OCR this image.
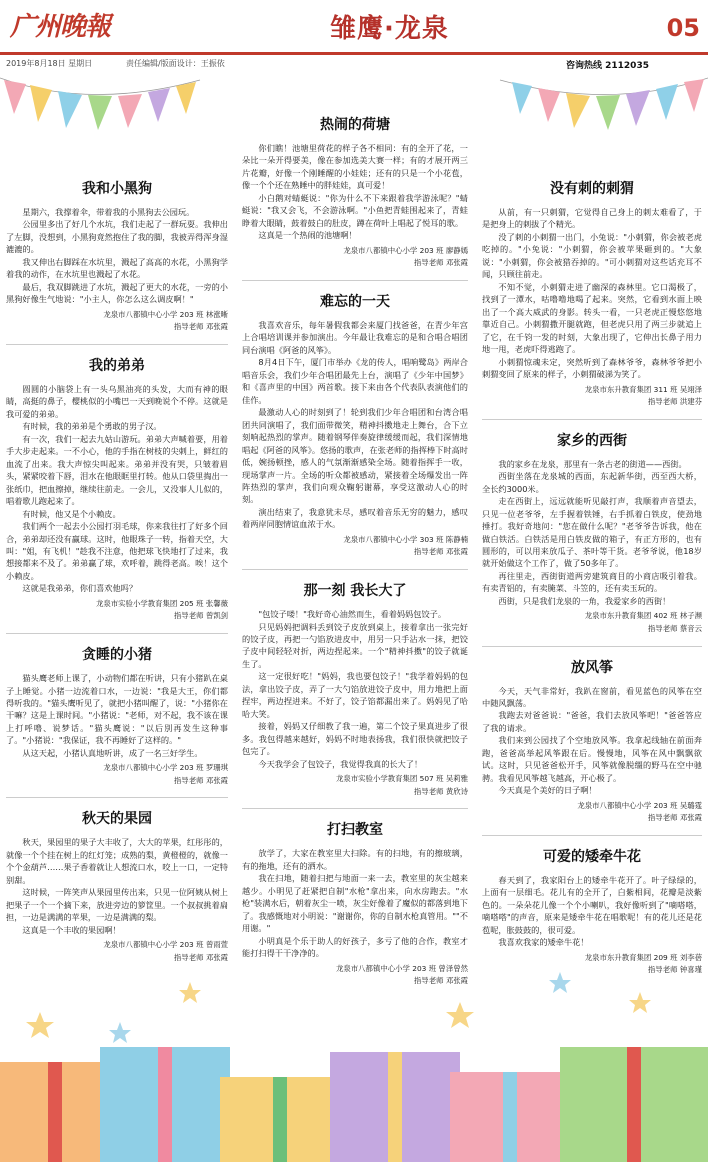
广州晚報	雏鹰·龙泉	05
2019年8月18日 星期日	责任编辑/版面设计：王振依	咨询热线 2112035
我和小黑狗

星期六，我撑着伞，带着我的小黑狗去公园玩。

公园里多出了好几个水坑，我们走起了一群玩耍。我伸出了左脚，没想到，小黑狗竟然抱住了我的脚，我被弄得浑身湿漉漉的。

我又伸出右脚踩在水坑里，溅起了高高的水花，小黑狗学着我的动作，在水坑里也溅起了水花。

最后，我双脚跳进了水坑，溅起了更大的水花，一旁的小黑狗好像生气地说："小主人，你怎么这么调皮啊！"

龙泉市八都镇中心小学 203 班 林涨晰
指导老师 邓张霞
我的弟弟

圆圆的小脑袋上有一头乌黑油亮的头发，大而有神的眼睛，高挺的鼻子，樱桃似的小嘴巴一天到晚说个不停。这就是我可爱的弟弟。

有时候，我的弟弟是个勇敢的男子汉。

有一次，我们一起去九姑山游玩。弟弟大声喊着要，用着手大步走起来。一不小心，他的手指在树枝的尖刺上，鲜红的血流了出来。我大声惊尖叫起来。弟弟并没有哭，只皱着眉头，紧紧咬着下唇，泪水在他眼眶里打转。他从口袋里掏出一张纸巾，把血擦掉，继续往前走。一会儿，又没事人儿似的，唱着歌儿跑起来了。

有时候，他又是个小赖皮。

我们两个一起去小公园打羽毛球，你来我往打了好多个回合，弟弟却还没有赢球。这时，他眼珠子一转，指着天空，大叫："姐，有飞机！"趁我不注意，他把球飞快地打了过来，我想接都来不及了。弟弟赢了球，欢呼着，跳得老高。唉！这个小赖皮。

这就是我弟弟，你们喜欢他吗？

龙泉市实验小学教育集团 205 班 张馨薇
指导老师 曾凯剑
贪睡的小猪

猫头鹰老师上课了，小动物们都在听讲，只有小猪趴在桌子上睡觉。小猪一边流着口水，一边说："我是大王，你们都得听我的。"猫头鹰听见了，就把小猪叫醒了，说："小猪你在干嘛？这是上课时间。"小猪说："老师，对不起，我不该在课上打呼噜、说梦话。"猫头鹰说："以后別再发生这种事了。"小猪说："我保证，我不再睡好了这样的。"

从这天起，小猪认真地听讲，成了一名三好学生。

龙泉市八都镇中心小学 203 班 罗珊琪
指导老师 邓张霞
秋天的果园

秋天，果园里的果子大丰收了，大大的苹果，红彤彤的，就像一个个挂在树上的红灯笼；成熟的梨，黄橙橙的，就像一个个金葫芦……果子香着就让人想流口水，咬上一口，一定特别甜。

这时候，一阵笑声从果园里传出来，只见一位阿姨从树上把果子一个一个摘下来，放进旁边的箩筐里。一个叔叔挑着扁担，一边是满满的苹果，一边是满满的梨。

这真是一个丰收的果园啊！

龙泉市八都镇中心小学 203 班 曾雨萱
指导老师 邓张霞
热闹的荷塘

你们瞧！池塘里荷花的样子各不相同：有的全开了花，一朵比一朵开得要美，像在参加选美大赛一样；有的才展开两三片花瓣，好像一个刚睡醒的小娃娃；还有的只是一个小花苞，像一个个还在熟睡中的胖娃娃，真可爱！

小白鹅对蜻蜓说："你为什么不下来跟着我学游泳呢？"蜻蜓说："我又会飞，不会游泳啊。"小鱼把青蛙围起来了，青蛙睁着大眼睛，鼓着鼓白的肚皮，蹲在荷叶上唱起了悦耳的歌。

这真是一个热闹的池塘啊！

龙泉市八都镇中心小学 203 班 廖静嫣
指导老师 邓张霞
难忘的一天

我喜欢音乐，每年暑假我都会来厦门找爸爸，在青少年宫上合唱培训课并参加演出。今年最让我难忘的是和合唱合唱团同台演唱《阿爸的风筝》。

8月4日下午，厦门市举办《龙的传人，唱响鹭岛》两岸合唱音乐会，我们少年合唱团最先上台，演唱了《少年中国梦》和《喜声里的中国》两首歌。接下来由各个代表队表演他们的佳作。

最激动人心的时刻到了！轮到我们少年合唱团和台湾合唱团共同演唱了，我们面带微笑，精神抖擞地走上舞台，合下立刻响起热烈的掌声。随着钢琴伴奏旋律缓缓而起，我们深情地唱起《阿爸的风筝》。悠扬的歌声，在张老师的指挥棒下时高时低，婉扬顿挫，感人的气氛渐渐感染全场。随着指挥手一收，现场掌声一片。全场的听众都被感动，紧接着全场爆发出一阵阵热烈的掌声，我们向观众鞠躬谢幕，享受这激动人心的时刻。

演出结束了，我意犹未尽，感叹着音乐无穷的魅力，感叹着两岸同胞情谊血浓于水。

龙泉市八都镇中心小学 303 班 陈静楠
指导老师 邓张霞
那一刻 我长大了

"包饺子喽！"我好奇心油然而生，看着妈妈包饺子。

只见妈妈把调料丢到饺子皮放到桌上，接着拿出一张完好的饺子皮，再把一勺馅放进皮中，用另一只手沾水一抹，把饺子皮中间轻轻对折，两边捏起来。一个"精神抖擞"的饺子就诞生了。

这一定很好吃！"妈妈，我也要包饺子！"我学着妈妈的包法，拿出饺子皮，弄了一大勺馅放进饺子皮中，用力地把上面捏牢，两边捏进来。不好了，饺子馅都漏出来了。妈妈见了哈哈大笑。

接着，妈妈又仔细教了我一遍，第二个饺子果真进步了很多。我包得越来越好，妈妈不时地表扬我，我们很快就把饺子包完了。

今天我学会了包饺子，我觉得我真的长大了！

龙泉市实验小学教育集团 507 班 吴莉雅
指导老师 黄欣诗
打扫教室

放学了，大家在教室里大扫除。有的扫地，有的擦玻璃，有的拖地，还有的洒水。

我在扫地，随着扫把与地面一来一去，教室里的灰尘越来越少。小明见了赶紧把自制"水枪"拿出来，向水房跑去。"水枪"装满水后，朝着灰尘一喷，灰尘好像着了魔似的都落到地下了。我感慨地对小明说："谢谢你，你的自制水枪真管用。""不用谢。"

小明真是个乐于助人的好孩子，多亏了他的合作，教室才能打扫得干干净净的。

龙泉市八都镇中心小学 203 班 曾泽曾然
指导老师 邓张霞
没有刺的刺猬

从前，有一只刺猬，它觉得自己身上的刺太难看了，于是把身上的刺拔了个精光。

没了刺的小刺猬一出门，小兔说："小刺猬，你会被老虎吃掉的。"小兔说："小刺猬，你会被苹果砸到的。"大象说："小刺猬，你会被猎吞掉的。"可小刺猬对这些话充耳不闻，只顾往前走。

不知不觉，小刺猬走进了幽深的森林里。它口渴极了，找到了一潭水，咕噜噜地喝了起来。突然，它看到水面上映出了一个高大威武的身影。转头一看，一只老虎正慢悠悠地靠近自己。小刺猬撒开腿就跑，但老虎只用了两三步就追上了它，在千钧一发的时刻，大象出现了，它伸出长鼻子用力地一甩，老虎吓得逃跑了。

小刺猬惊魂未定，突然听到了森林爷爷，森林爷爷把小刺猬变回了原来的样子，小刺猬破涕为笑了。

龙泉市东升教育集团 311 班 吴翊泽
指导老师 洪建芬
家乡的西街

我的家乡在龙泉，那里有一条古老的街道——西街。

西街坐落在龙泉城的西面，东起新华街，西至西大桥，全长约3000米。

走在西街上，远远就能听见敲打声，我顺着声音望去，只见一位老爷爷，左手握着铁锤，右手抓着白铁皮，使劲地捶打。我好奇地问："您在做什么呢？"老爷爷告诉我，他在做白铁活。白铁活是用白铁皮做的箱子，有正方形的，也有圆形的，可以用来放瓜子、茶叶等干货。老爷爷说，他18岁就开始做这个工作了，做了50多年了。

再往里走，西街街道两旁建筑商目的小商店吸引着我。有卖青铝的，有卖腌菜、斗笠的，还有卖玉玩的。

西街，只是我们龙泉的一角，我爱家乡的西街！

龙泉市东升教育集团 402 班 林子濒
指导老师 蔡音云
放风筝

今天，天气非常好，我趴在窗前，看见蓝色的风筝在空中随风飘荡。

我跑去对爸爸说："爸爸，我们去放风筝吧！"爸爸答应了我的请求。

我们来到公园找了个空地放风筝。我拿起线轴在前面奔跑，爸爸高举起风筝跟在后。慢慢地，风筝在风中飘飘欲试。这时，只见爸爸松开手，风筝就像脱缰的野马在空中驰骋。我看见风筝越飞越高，开心极了。

今天真是个美好的日子啊！

龙泉市八都镇中心小学 203 班 吴璐霆
指导老师 邓张霞
可爱的矮牵牛花

春天到了，我家阳台上的矮牵牛花开了。叶子绿绿的，上面有一层细毛。花儿有的全开了，白紫相间，花瓣是淡紫色的。一朵朵花儿像一个个小喇叭，我好像听到了"嘀嗒嗒，嘀嗒嗒"的声音，原来是矮牵牛花在唱歌呢！有的花儿还是花苞呢，胀鼓鼓的，很可爱。

我喜欢我家的矮牵牛花！

龙泉市东升教育集团 209 班 刘李蓓
指导老师 钟喜瑾
